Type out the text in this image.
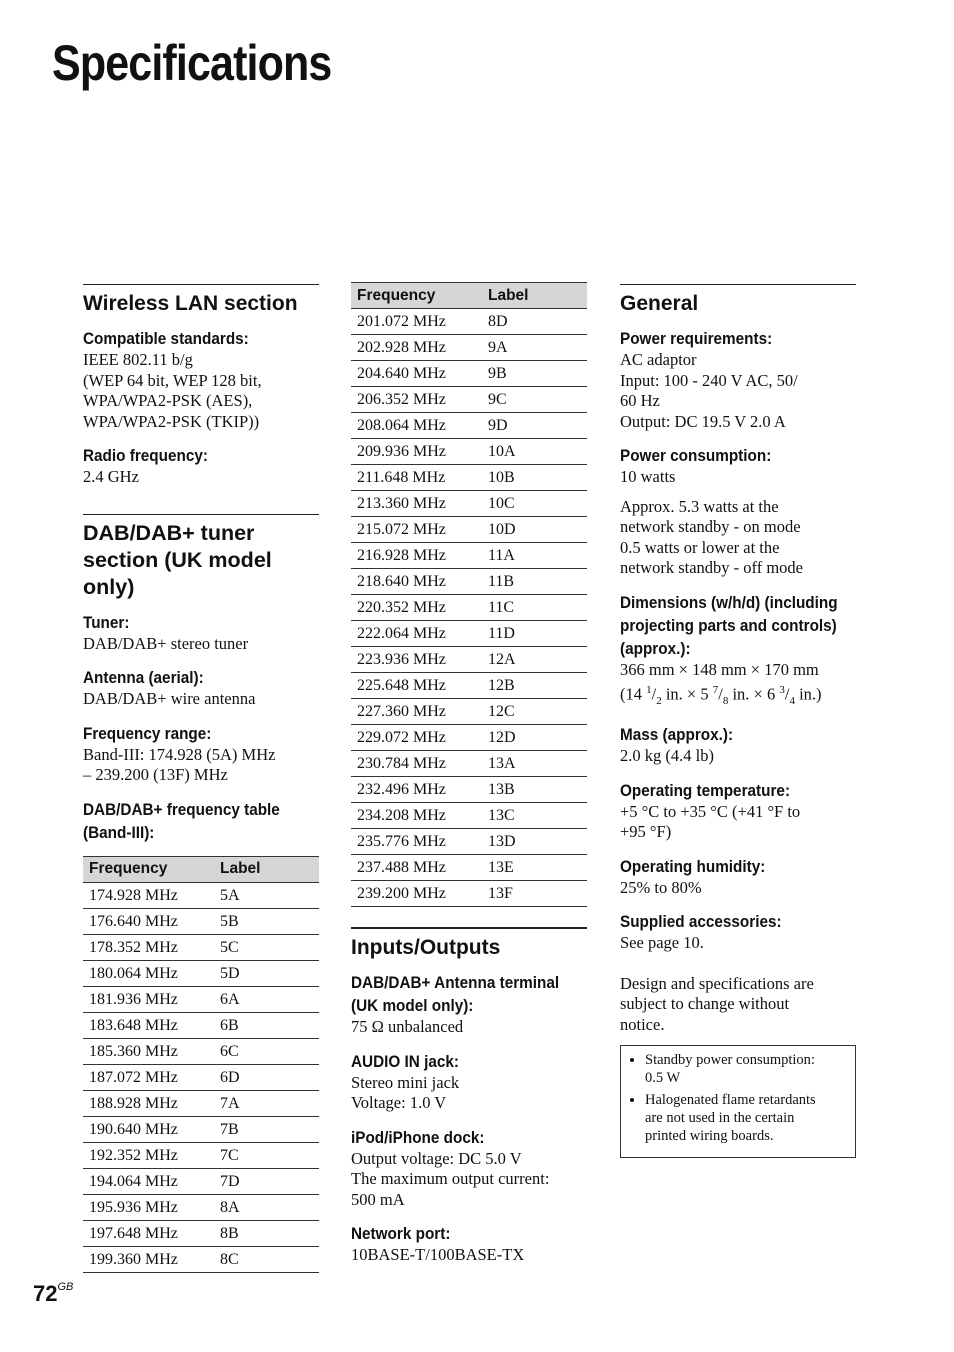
Specifications
Wireless LAN section
Compatible standards:
IEEE 802.11 b/g
(WEP 64 bit, WEP 128 bit,
WPA/WPA2-PSK (AES),
WPA/WPA2-PSK (TKIP))
Radio frequency:
2.4 GHz
DAB/DAB+ tuner
section (UK model
only)
Tuner:
DAB/DAB+ stereo tuner
Antenna (aerial):
DAB/DAB+ wire antenna
Frequency range:
Band-III: 174.928 (5A) MHz
– 239.200 (13F) MHz
DAB/DAB+ frequency table
(Band-III):
Frequency	Label
174.928 MHz	5A
176.640 MHz	5B
178.352 MHz	5C
180.064 MHz	5D
181.936 MHz	6A
183.648 MHz	6B
185.360 MHz	6C
187.072 MHz	6D
188.928 MHz	7A
190.640 MHz	7B
192.352 MHz	7C
194.064 MHz	7D
195.936 MHz	8A
197.648 MHz	8B
199.360 MHz	8C
Frequency	Label
201.072 MHz	8D
202.928 MHz	9A
204.640 MHz	9B
206.352 MHz	9C
208.064 MHz	9D
209.936 MHz	10A
211.648 MHz	10B
213.360 MHz	10C
215.072 MHz	10D
216.928 MHz	11A
218.640 MHz	11B
220.352 MHz	11C
222.064 MHz	11D
223.936 MHz	12A
225.648 MHz	12B
227.360 MHz	12C
229.072 MHz	12D
230.784 MHz	13A
232.496 MHz	13B
234.208 MHz	13C
235.776 MHz	13D
237.488 MHz	13E
239.200 MHz	13F
Inputs/Outputs
DAB/DAB+ Antenna terminal
(UK model only):
75 Ω unbalanced
AUDIO IN jack:
Stereo mini jack
Voltage: 1.0 V
iPod/iPhone dock:
Output voltage: DC 5.0 V
The maximum output current:
500 mA
Network port:
10BASE-T/100BASE-TX
General
Power requirements:
AC adaptor
Input: 100 - 240 V AC, 50/
60 Hz
Output: DC 19.5 V 2.0 A
Power consumption:
10 watts
Approx. 5.3 watts at the
network standby - on mode
0.5 watts or lower at the
network standby - off mode
Dimensions (w/h/d) (including
projecting parts and controls)
(approx.):
366 mm × 148 mm × 170 mm
(14 $^1/_2$ in. × 5 $^7/_8$ in. × 6 $^3/_4$ in.)
Mass (approx.):
2.0 kg (4.4 lb)
Operating temperature:
+5 °C to +35 °C (+41 °F to
+95 °F)
Operating humidity:
25% to 80%
Supplied accessories:
See page 10.
Design and specifications are
subject to change without
notice.
• Standby power consumption:
0.5 W
• Halogenated flame retardants
are not used in the certain
printed wiring boards.
$72^{GB}$
